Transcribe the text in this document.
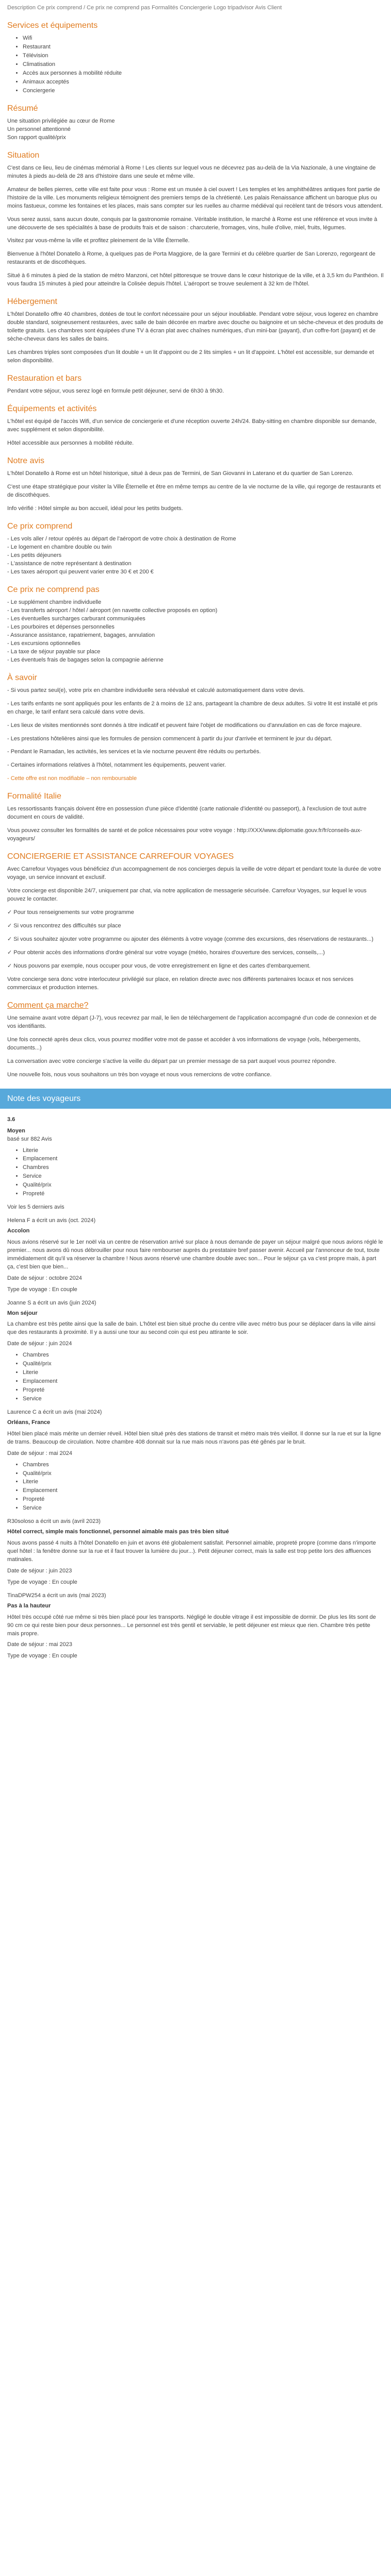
Description Ce prix comprend / Ce prix ne comprend pas Formalités Conciergerie Logo tripadvisor Avis Client
Services et équipements
• Wifi
• Restaurant
• Télévision
• Climatisation
• Accès aux personnes à mobilité réduite
• Animaux acceptés
• Conciergerie
Résumé
Une situation privilégiée au cœur de Rome
Un personnel attentionné
Son rapport qualité/prix
Situation

C'est dans ce lieu, lieu de cinémas mémorial à Rome ! Les clients sur lequel vous ne décevrez pas au-delà de la Via Nazionale, à une vingtaine de minutes à pieds au-delà de 28 ans d'histoire dans une seule et même ville.

Amateur de belles pierres, cette ville est faite pour vous : Rome est un musée à ciel ouvert ! Les temples et les amphithéâtres antiques font partie de l'histoire de la ville. Les monuments religieux témoignent des premiers temps de la chrétienté. Les palais Renaissance affichent un baroque plus ou moins fastueux, comme les fontaines et les places, mais sans compter sur les ruelles au charme médiéval qui recèlent tant de trésors vous attendent.

Vous serez aussi, sans aucun doute, conquis par la gastronomie romaine. Véritable institution, le marché à Rome est une référence et vous invite à une découverte de ses spécialités à base de produits frais et de saison : charcuterie, fromages, vins, huile d'olive, miel, fruits, légumes.

Visitez par vous-même la ville et profitez pleinement de la Ville Éternelle.

Bienvenue à l'hôtel Donatello à Rome, à quelques pas de Porta Maggiore, de la gare Termini et du célèbre quartier de San Lorenzo, regorgeant de restaurants et de discothèques.

Situé à 6 minutes à pied de la station de métro Manzoni, cet hôtel pittoresque se trouve dans le cœur historique de la ville, et à 3,5 km du Panthéon. Il vous faudra 15 minutes à pied pour atteindre la Colisée depuis l'hôtel. L'aéroport se trouve seulement à 32 km de l'hôtel.

Hébergement

L'hôtel Donatello offre 40 chambres, dotées de tout le confort nécessaire pour un séjour inoubliable. Pendant votre séjour, vous logerez en chambre double standard, soigneusement restaurées, avec salle de bain décorée en marbre avec douche ou baignoire et un sèche-cheveux et des produits de toilette gratuits. Les chambres sont équipées d'une TV à écran plat avec chaînes numériques, d'un mini-bar (payant), d'un coffre-fort (payant) et de sèche-cheveux dans les salles de bains.

Les chambres triples sont composées d'un lit double + un lit d'appoint ou de 2 lits simples + un lit d'appoint. L'hôtel est accessible, sur demande et selon disponibilité.

Restauration et bars

Pendant votre séjour, vous serez logé en formule petit déjeuner, servi de 6h30 à 9h30.

Équipements et activités

L'hôtel est équipé de l'accès Wifi, d'un service de conciergerie et d'une réception ouverte 24h/24. Baby-sitting en chambre disponible sur demande, avec supplément et selon disponibilité.

Hôtel accessible aux personnes à mobilité réduite.

Notre avis

L'hôtel Donatello à Rome est un hôtel historique, situé à deux pas de Termini, de San Giovanni in Laterano et du quartier de San Lorenzo.

C'est une étape stratégique pour visiter la Ville Éternelle et être en même temps au centre de la vie nocturne de la ville, qui regorge de restaurants et de discothèques.

Info vérifié : Hôtel simple au bon accueil, idéal pour les petits budgets.

Ce prix comprend
- Les vols aller / retour opérés au départ de l'aéroport de votre choix à destination de Rome
- Le logement en chambre double ou twin
- Les petits déjeuners
- L'assistance de notre représentant à destination
- Les taxes aéroport qui peuvent varier entre 30 € et 200 €
Ce prix ne comprend pas
- Le supplément chambre individuelle
- Les transferts aéroport / hôtel / aéroport (en navette collective proposés en option)
- Les éventuelles surcharges carburant communiquées
- Les pourboires et dépenses personnelles
- Assurance assistance, rapatriement, bagages, annulation
- Les excursions optionnelles
- La taxe de séjour payable sur place
- Les éventuels frais de bagages selon la compagnie aérienne
À savoir

- Si vous partez seul(e), votre prix en chambre individuelle sera réévalué et calculé automatiquement dans votre devis.

- Les tarifs enfants ne sont appliqués pour les enfants de 2 à moins de 12 ans, partageant la chambre de deux adultes. Si votre lit est installé et pris en charge, le tarif enfant sera calculé dans votre devis.

- Les lieux de visites mentionnés sont donnés à titre indicatif et peuvent faire l'objet de modifications ou d'annulation en cas de force majeure.

- Les prestations hôtelières ainsi que les formules de pension commencent à partir du jour d'arrivée et terminent le jour du départ.

- Pendant le Ramadan, les activités, les services et la vie nocturne peuvent être réduits ou perturbés.

- Certaines informations relatives à l'hôtel, notamment les équipements, peuvent varier.

- Cette offre est non modifiable – non remboursable

Formalité Italie

Les ressortissants français doivent être en possession d'une pièce d'identité (carte nationale d'identité ou passeport), à l'exclusion de tout autre document en cours de validité.

Vous pouvez consulter les formalités de santé et de police nécessaires pour votre voyage : http://XXX/www.diplomatie.gouv.fr/fr/conseils-aux-voyageurs/

CONCIERGERIE ET ASSISTANCE CARREFOUR VOYAGES

Avec Carrefour Voyages vous bénéficiez d'un accompagnement de nos concierges depuis la veille de votre départ et pendant toute la durée de votre voyage, un service innovant et exclusif.

Votre concierge est disponible 24/7, uniquement par chat, via notre application de messagerie sécurisée. Carrefour Voyages, sur lequel le vous pouvez le contacter.

✓ Pour tous renseignements sur votre programme

✓ Si vous rencontrez des difficultés sur place

✓ Si vous souhaitez ajouter votre programme ou ajouter des éléments à votre voyage (comme des excursions, des réservations de restaurants...)

✓ Pour obtenir accès des informations d'ordre général sur votre voyage (météo, horaires d'ouverture des services, conseils,...)

✓ Nous pouvons par exemple, nous occuper pour vous, de votre enregistrement en ligne et des cartes d'embarquement.

Votre concierge sera donc votre interlocuteur privilégié sur place, en relation directe avec nos différents partenaires locaux et nos services commerciaux et production internes.

Comment ça marche?

Une semaine avant votre départ (J-7), vous recevrez par mail, le lien de téléchargement de l'application accompagné d'un code de connexion et de vos identifiants.

Une fois connecté après deux clics, vous pourrez modifier votre mot de passe et accéder à vos informations de voyage (vols, hébergements, documents...)

La conversation avec votre concierge s'active la veille du départ par un premier message de sa part auquel vous pourrez répondre.

Une nouvelle fois, nous vous souhaitons un très bon voyage et nous vous remercions de votre confiance.

Note des voyageurs
3.6
Moyen
basé sur 882 Avis
• Literie
• Emplacement
• Chambres
• Service
• Qualité/prix
• Propreté
Voir les 5 derniers avis
Helena F a écrit un avis (oct. 2024)
Accolon
Nous avions réservé sur le 1er noël via un centre de réservation arrivé sur place à nous demande de payer un séjour malgré que nous avions réglé le premier... nous avons dû nous débrouiller pour nous faire rembourser auprès du prestataire bref passer avenir. Accueil par l'annonceur de tout, toute immédiatement dit qu'il va réserver la chambre ! Nous avons réservé une chambre double avec son... Pour le séjour ça va c'est propre mais, à part ça, c'est bien que bien...
Date de séjour : octobre 2024
Type de voyage : En couple
Joanne S a écrit un avis (juin 2024)
Mon séjour
La chambre est très petite ainsi que la salle de bain. L'hôtel est bien situé proche du centre ville avec métro bus pour se déplacer dans la ville ainsi que des restaurants à proximité. Il y a aussi une tour au second coin qui est peu attirante le soir.
Date de séjour : juin 2024
• Chambres
• Qualité/prix
• Literie
• Emplacement
• Propreté
• Service
Laurence C a écrit un avis (mai 2024)
Orléans, France
Hôtel bien placé mais mérite un dernier réveil. Hôtel bien situé près des stations de transit et métro mais très vieillot. Il donne sur la rue et sur la ligne de trams. Beaucoup de circulation. Notre chambre 408 donnait sur la rue mais nous n'avons pas été gênés par le bruit.
Date de séjour : mai 2024
• Chambres
• Qualité/prix
• Literie
• Emplacement
• Propreté
• Service
R30soloso a écrit un avis (avril 2023)
Hôtel correct, simple mais fonctionnel, personnel aimable mais pas très bien situé
Nous avons passé 4 nuits à l'hôtel Donatello en juin et avons été globalement satisfait. Personnel aimable, propreté propre (comme dans n'importe quel hôtel : la fenêtre donne sur la rue et il faut trouver la lumière du jour...). Petit déjeuner correct, mais la salle est trop petite lors des affluences matinales.
Date de séjour : juin 2023
Type de voyage : En couple
TinaDPW254 a écrit un avis (mai 2023)
Pas à la hauteur
Hôtel très occupé côté rue même si très bien placé pour les transports. Négligé le double vitrage il est impossible de dormir. De plus les lits sont de 90 cm ce qui reste bien pour deux personnes... Le personnel est très gentil et serviable, le petit déjeuner est mieux que rien. Chambre très petite mais propre.
Date de séjour : mai 2023
Type de voyage : En couple
